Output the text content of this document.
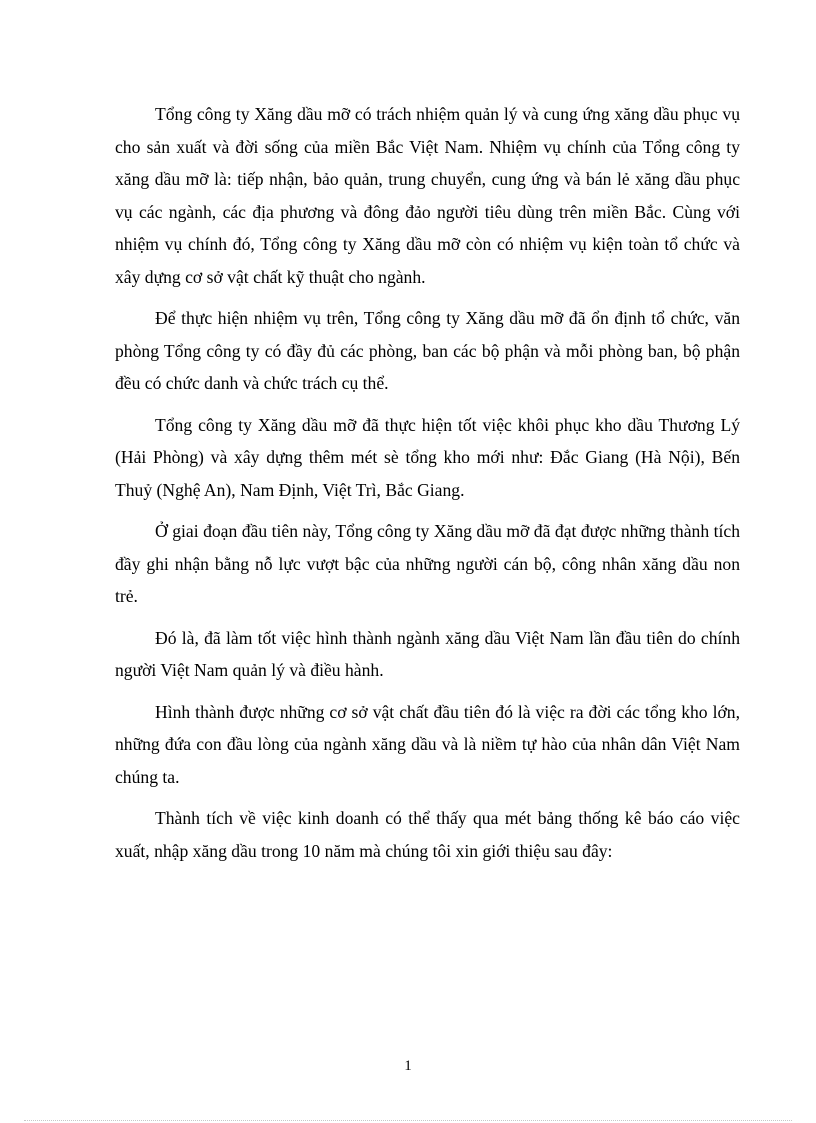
Tổng công ty Xăng dầu mỡ có trách nhiệm quản lý và cung ứng xăng dầu phục vụ cho sản xuất và đời sống của miền Bắc Việt Nam. Nhiệm vụ chính của Tổng công ty xăng dầu mỡ là: tiếp nhận, bảo quản, trung chuyển, cung ứng và bán lẻ xăng dầu phục vụ các ngành, các địa phương và đông đảo người tiêu dùng trên miền Bắc. Cùng với nhiệm vụ chính đó, Tổng công ty Xăng dầu mỡ còn có nhiệm vụ kiện toàn tổ chức và xây dựng cơ sở vật chất kỹ thuật cho ngành.

Để thực hiện nhiệm vụ trên, Tổng công ty Xăng dầu mỡ đã ổn định tổ chức, văn phòng Tổng công ty có đầy đủ các phòng, ban các bộ phận và mỗi phòng ban, bộ phận đều có chức danh và chức trách cụ thể.

Tổng công ty Xăng dầu mỡ đã thực hiện tốt việc khôi phục kho dầu Thương Lý (Hải Phòng) và xây dựng thêm mét sè tổng kho mới như: Đắc Giang (Hà Nội), Bến Thuỷ (Nghệ An), Nam Định, Việt Trì, Bắc Giang.

Ở giai đoạn đầu tiên này, Tổng công ty Xăng dầu mỡ đã đạt được những thành tích đầy ghi nhận bằng nỗ lực vượt bậc của những người cán bộ, công nhân xăng dầu non trẻ.

Đó là, đã làm tốt việc hình thành ngành xăng dầu Việt Nam lần đầu tiên do chính người Việt Nam quản lý và điều hành.

Hình thành được những cơ sở vật chất đầu tiên đó là việc ra đời các tổng kho lớn, những đứa con đầu lòng của ngành xăng dầu và là niềm tự hào của nhân dân Việt Nam chúng ta.

Thành tích về việc kinh doanh có thể thấy qua mét bảng thống kê báo cáo việc xuất, nhập xăng dầu trong 10 năm mà chúng tôi xin giới thiệu sau đây:

1
